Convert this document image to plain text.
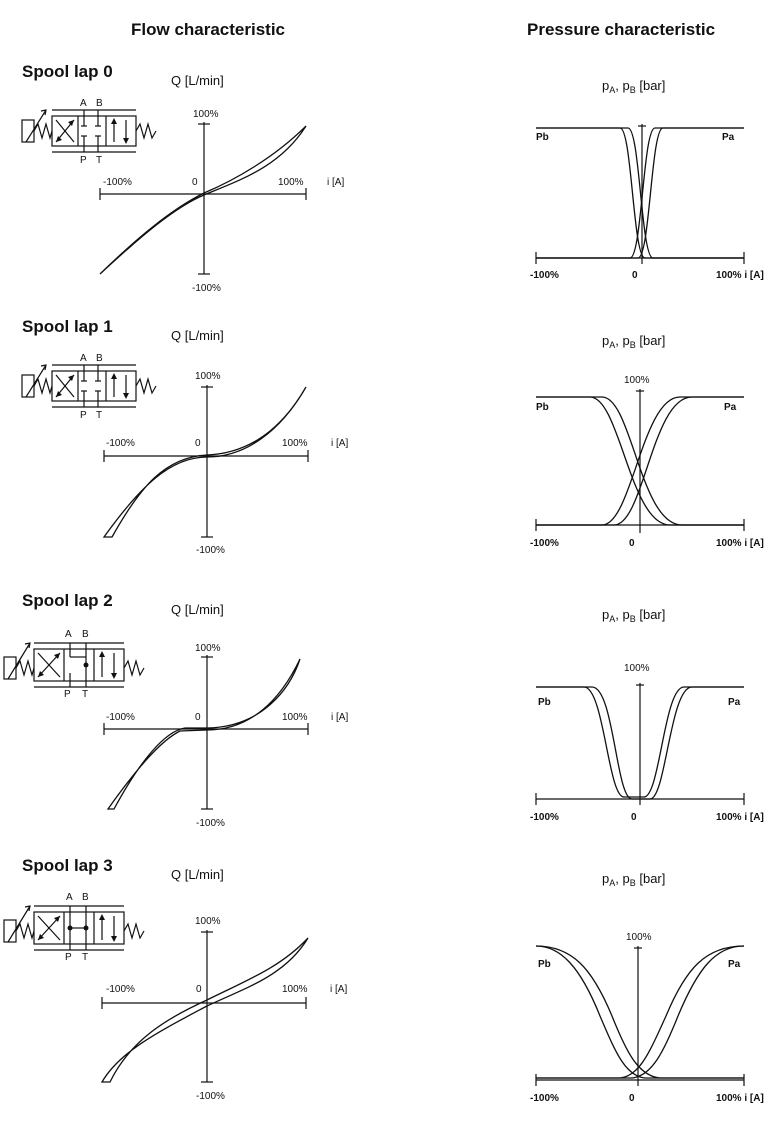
Flow characteristic	Pressure characteristic
Spool lap 0
A B
P T
Q [L/min]
100%
-100%
-100%	100%
0	i [A]
$p_A$, $p_B$ [bar]
-100%	100% i [A]
0
Pb	Pa
Spool lap 1
A B
P T
Q [L/min]
100%
-100%
-100%	100%
0	i [A]
$p_A$, $p_B$ [bar]
100%
-100%	100% i [A]
0
Pb	Pa
Spool lap 2
A B
P T
Q [L/min]
100%
-100%
-100%	100%
0	i [A]
$p_A$, $p_B$ [bar]
100%
-100%	100% i [A]
0
Pb	Pa
Spool lap 3
A B
P T
Q [L/min]
100%
-100%
-100%	100%
0	i [A]
$p_A$, $p_B$ [bar]
100%
-100%	100% i [A]
0
Pb	Pa
